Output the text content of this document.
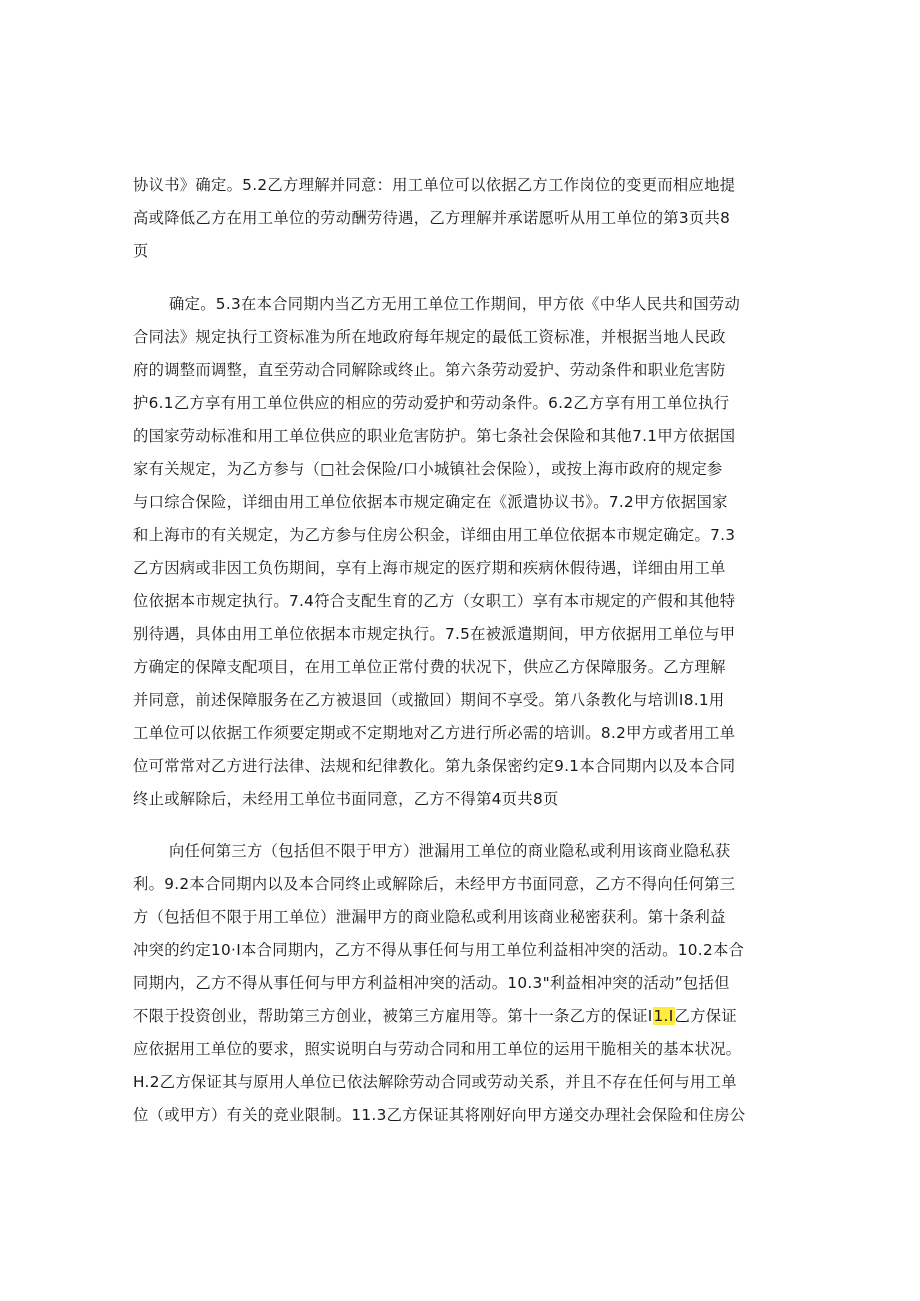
协议书》确定。5.2乙方理解并同意：用工单位可以依据乙方工作岗位的变更而相应地提
高或降低乙方在用工单位的劳动酬劳待遇，乙方理解并承诺愿听从用工单位的第3页共8
页
确定。5.3在本合同期内当乙方无用工单位工作期间，甲方依《中华人民共和国劳动
合同法》规定执行工资标准为所在地政府每年规定的最低工资标准，并根据当地人民政
府的调整而调整，直至劳动合同解除或终止。第六条劳动爱护、劳动条件和职业危害防
护6.1乙方享有用工单位供应的相应的劳动爱护和劳动条件。6.2乙方享有用工单位执行
的国家劳动标准和用工单位供应的职业危害防护。第七条社会保险和其他7.1甲方依据国
家有关规定，为乙方参与（□社会保险/口小城镇社会保险），或按上海市政府的规定参
与口综合保险，详细由用工单位依据本市规定确定在《派遣协议书》。7.2甲方依据国家
和上海市的有关规定，为乙方参与住房公积金，详细由用工单位依据本市规定确定。7.3
乙方因病或非因工负伤期间，享有上海市规定的医疗期和疾病休假待遇，详细由用工单
位依据本市规定执行。7.4符合支配生育的乙方（女职工）享有本市规定的产假和其他特
别待遇，具体由用工单位依据本市规定执行。7.5在被派遣期间，甲方依据用工单位与甲
方确定的保障支配项目，在用工单位正常付费的状况下，供应乙方保障服务。乙方理解
并同意，前述保障服务在乙方被退回（或撤回）期间不享受。第八条教化与培训I8.1用
工单位可以依据工作须要定期或不定期地对乙方进行所必需的培训。8.2甲方或者用工单
位可常常对乙方进行法律、法规和纪律教化。第九条保密约定9.1本合同期内以及本合同
终止或解除后，未经用工单位书面同意，乙方不得第4页共8页
向任何第三方（包括但不限于甲方）泄漏用工单位的商业隐私或利用该商业隐私获
利。9.2本合同期内以及本合同终止或解除后，未经甲方书面同意，乙方不得向任何第三
方（包括但不限于用工单位）泄漏甲方的商业隐私或利用该商业秘密获利。第十条利益
冲突的约定10·I本合同期内，乙方不得从事任何与用工单位利益相冲突的活动。10.2本合
同期内，乙方不得从事任何与甲方利益相冲突的活动。10.3"利益相冲突的活动”包括但
不限于投资创业，帮助第三方创业，被第三方雇用等。第十一条乙方的保证I1.I乙方保证
应依据用工单位的要求，照实说明白与劳动合同和用工单位的运用干脆相关的基本状况。
H.2乙方保证其与原用人单位已依法解除劳动合同或劳动关系，并且不存在任何与用工单
位（或甲方）有关的竞业限制。11.3乙方保证其将刚好向甲方递交办理社会保险和住房公
